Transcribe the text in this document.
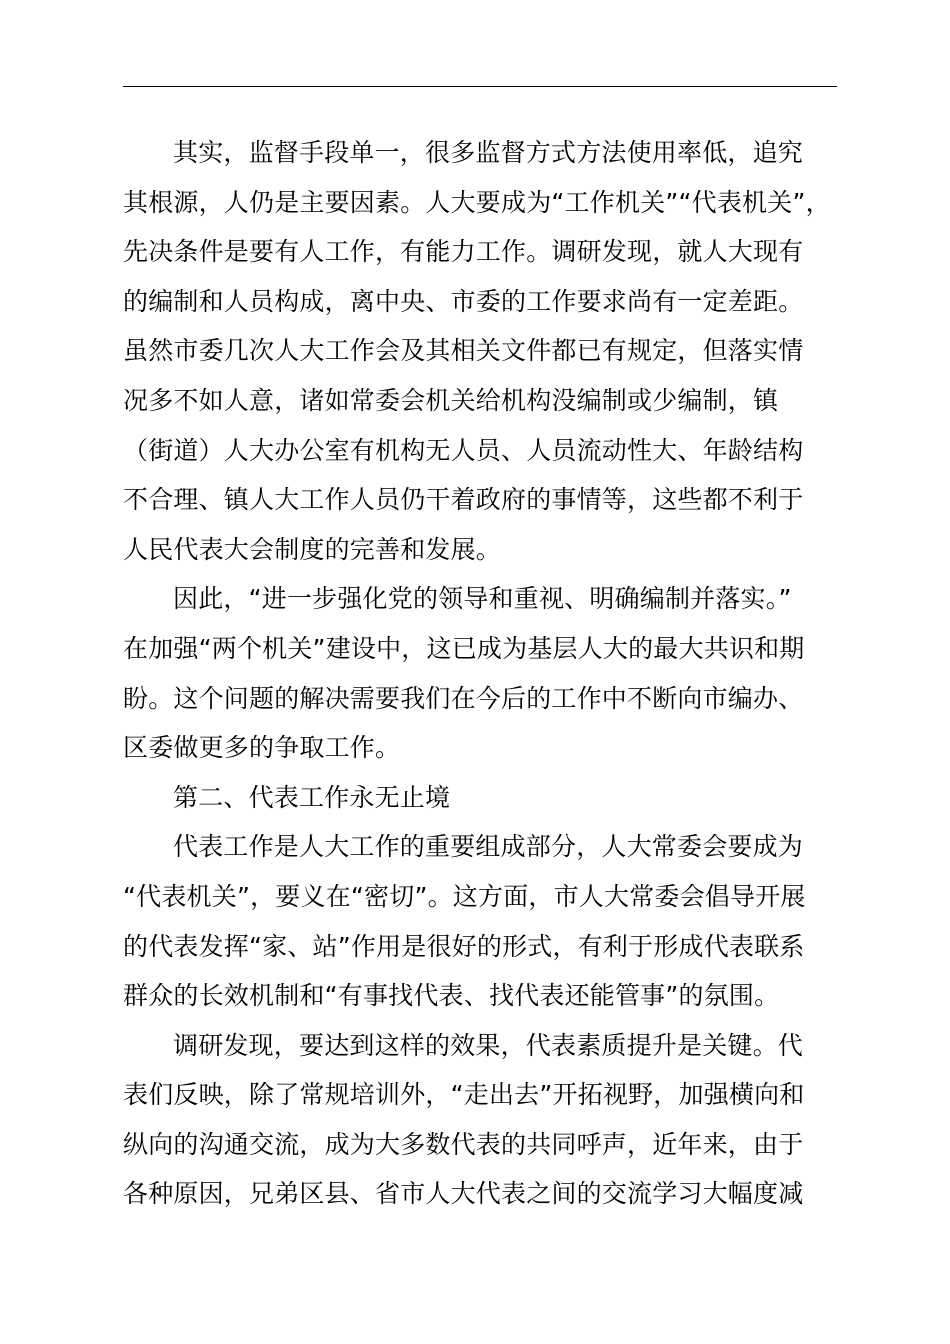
其实，监督手段单一，很多监督方式方法使用率低，追究
其根源，人仍是主要因素。人大要成为“工作机关”“代表机关”，
先决条件是要有人工作，有能力工作。调研发现，就人大现有
的编制和人员构成，离中央、市委的工作要求尚有一定差距。
虽然市委几次人大工作会及其相关文件都已有规定，但落实情
况多不如人意，诸如常委会机关给机构没编制或少编制，镇
（街道）人大办公室有机构无人员、人员流动性大、年龄结构
不合理、镇人大工作人员仍干着政府的事情等，这些都不利于
人民代表大会制度的完善和发展。
因此，“进一步强化党的领导和重视、明确编制并落实。”
在加强“两个机关”建设中，这已成为基层人大的最大共识和期
盼。这个问题的解决需要我们在今后的工作中不断向市编办、
区委做更多的争取工作。
第二、代表工作永无止境
代表工作是人大工作的重要组成部分，人大常委会要成为
“代表机关”，要义在“密切”。这方面，市人大常委会倡导开展
的代表发挥“家、站”作用是很好的形式，有利于形成代表联系
群众的长效机制和“有事找代表、找代表还能管事”的氛围。
调研发现，要达到这样的效果，代表素质提升是关键。代
表们反映，除了常规培训外，“走出去”开拓视野，加强横向和
纵向的沟通交流，成为大多数代表的共同呼声，近年来，由于
各种原因，兄弟区县、省市人大代表之间的交流学习大幅度减
